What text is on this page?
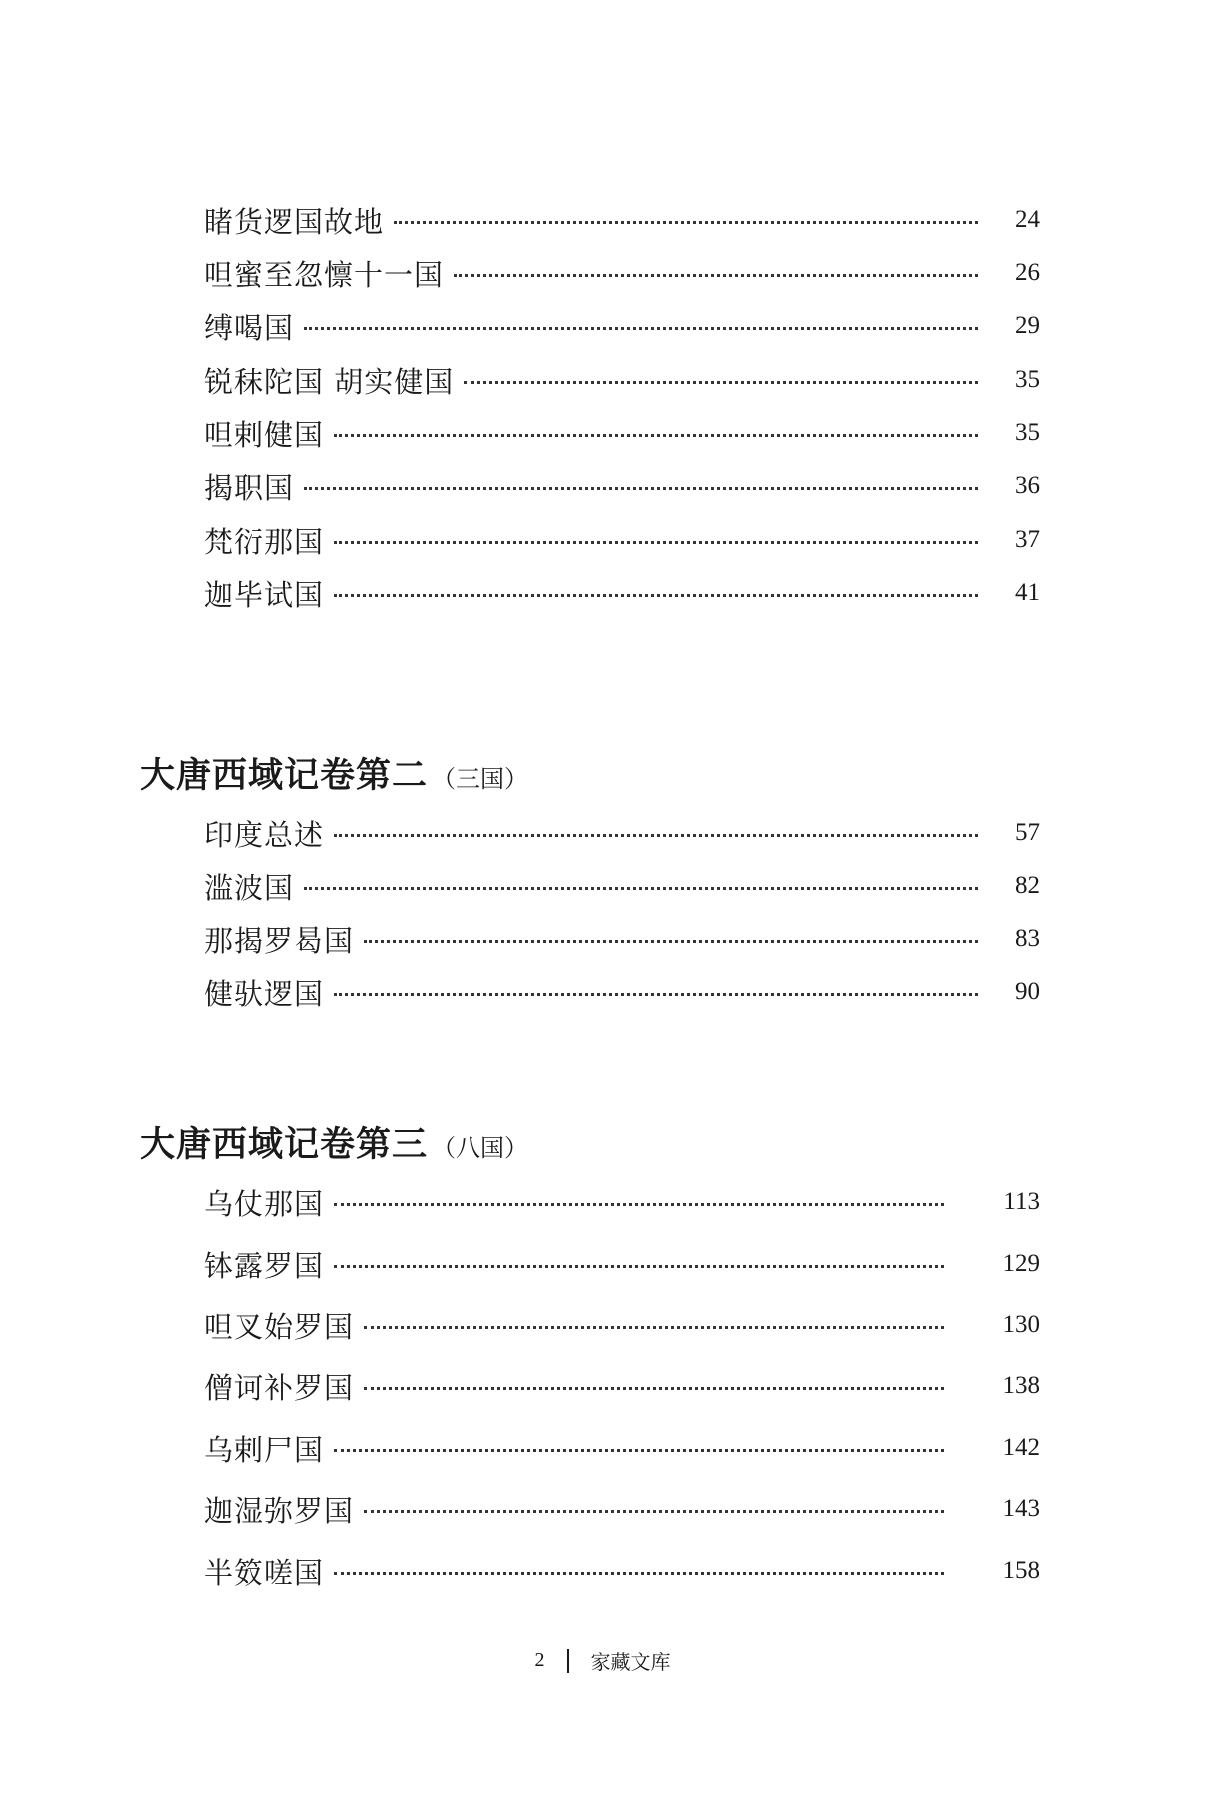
睹货逻国故地	24
呾蜜至忽懔十一国	26
缚喝国	29
锐秣陀国 胡实健国	35
呾剌健国	35
揭职国	36
梵衍那国	37
迦毕试国	41
大唐西域记卷第二 （三国）
印度总述	57
滥波国	82
那揭罗曷国	83
健驮逻国	90
大唐西域记卷第三 （八国）
乌仗那国	113
钵露罗国	129
呾叉始罗国	130
僧诃补罗国	138
乌剌尸国	142
迦湿弥罗国	143
半笯嗟国	158
2 家藏文库
